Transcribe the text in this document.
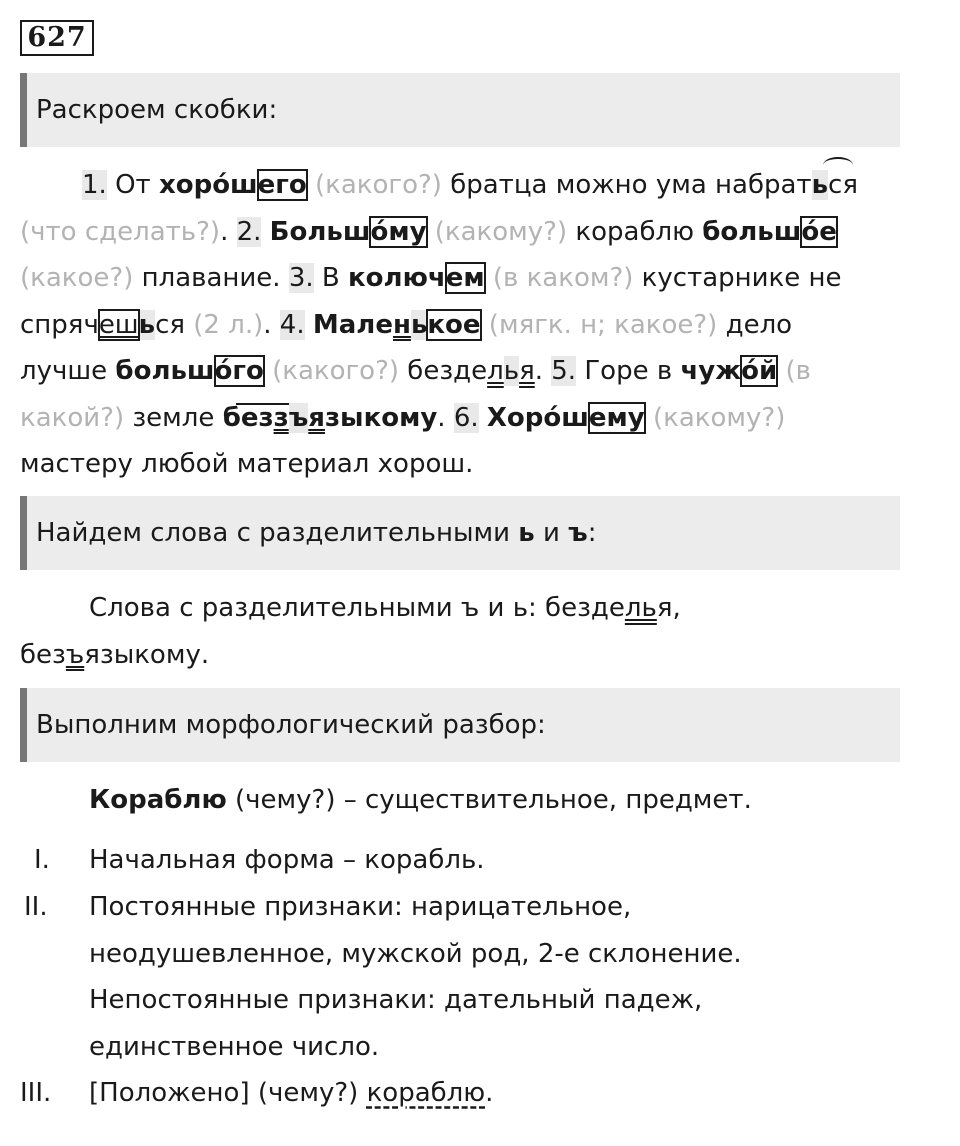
627
Раскроем скобки:
1. От хоро́шего (какого?) братца можно ума набраться
(что сделать?). 2. Большо́му (какому?) кораблю большо́е
(какое?) плавание. 3. В колючем (в каком?) кустарнике не
спрячешься (2 л.). 4. Маленькое (мягк. н; какое?) дело
лучше большо́го (какого?) безделья. 5. Горе в чужо́й (в
какой?) земле беззъязыкому. 6. Хоро́шему (какому?)
мастеру любой материал хорош.
Найдем слова с разделительными ь и ъ:
Слова с разделительными ъ и ь: безделья,
безъязыкому.
Выполним морфологический разбор:
Кораблю (чему?) – существительное, предмет.
I. Начальная форма – корабль.
II. Постоянные признаки: нарицательное,
неодушевленное, мужской род, 2-е склонение.
Непостоянные признаки: дательный падеж,
единственное число.
III. [Положено] (чему?) кораблю.
